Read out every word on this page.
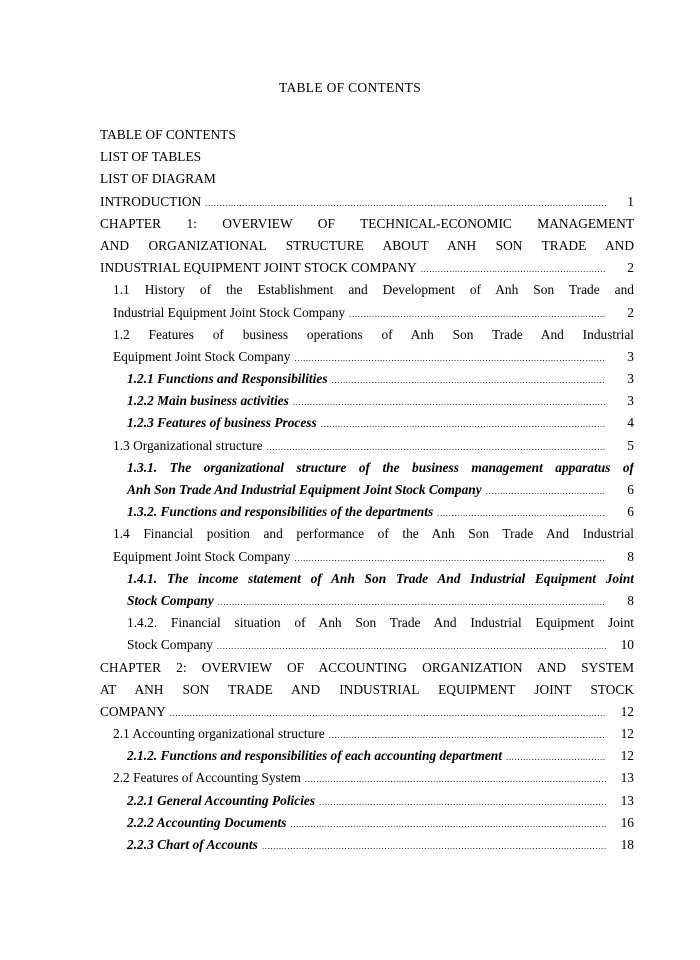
TABLE OF CONTENTS
TABLE OF CONTENTS
LIST OF TABLES
LIST OF DIAGRAM
INTRODUCTION .....	1
CHAPTER 1: OVERVIEW OF TECHNICAL-ECONOMIC MANAGEMENT
AND ORGANIZATIONAL STRUCTURE ABOUT ANH SON TRADE AND
INDUSTRIAL EQUIPMENT JOINT STOCK COMPANY .....	2
1.1 History of the Establishment and Development of Anh Son Trade and
Industrial Equipment Joint Stock Company .....	2
1.2 Features of business operations of Anh Son Trade And Industrial
Equipment Joint Stock Company .....	3
1.2.1 Functions and Responsibilities .....	3
1.2.2 Main business activities .....	3
1.2.3 Features of business Process .....	4
1.3 Organizational structure .....	5
1.3.1. The organizational structure of the business management apparatus of
Anh Son Trade And Industrial Equipment Joint Stock Company .....	6
1.3.2. Functions and responsibilities of the departments .....	6
1.4 Financial position and performance of the Anh Son Trade And Industrial
Equipment Joint Stock Company .....	8
1.4.1. The income statement of Anh Son Trade And Industrial Equipment Joint
Stock Company .....	8
1.4.2. Financial situation of Anh Son Trade And Industrial Equipment Joint
Stock Company .....	10
CHAPTER 2: OVERVIEW OF ACCOUNTING ORGANIZATION AND SYSTEM
AT ANH SON TRADE AND INDUSTRIAL EQUIPMENT JOINT STOCK
COMPANY .....	12
2.1 Accounting organizational structure .....	12
2.1.2. Functions and responsibilities of each accounting department .....	12
2.2 Features of Accounting System .....	13
2.2.1 General Accounting Policies .....	13
2.2.2 Accounting Documents .....	16
2.2.3 Chart of Accounts .....	18
